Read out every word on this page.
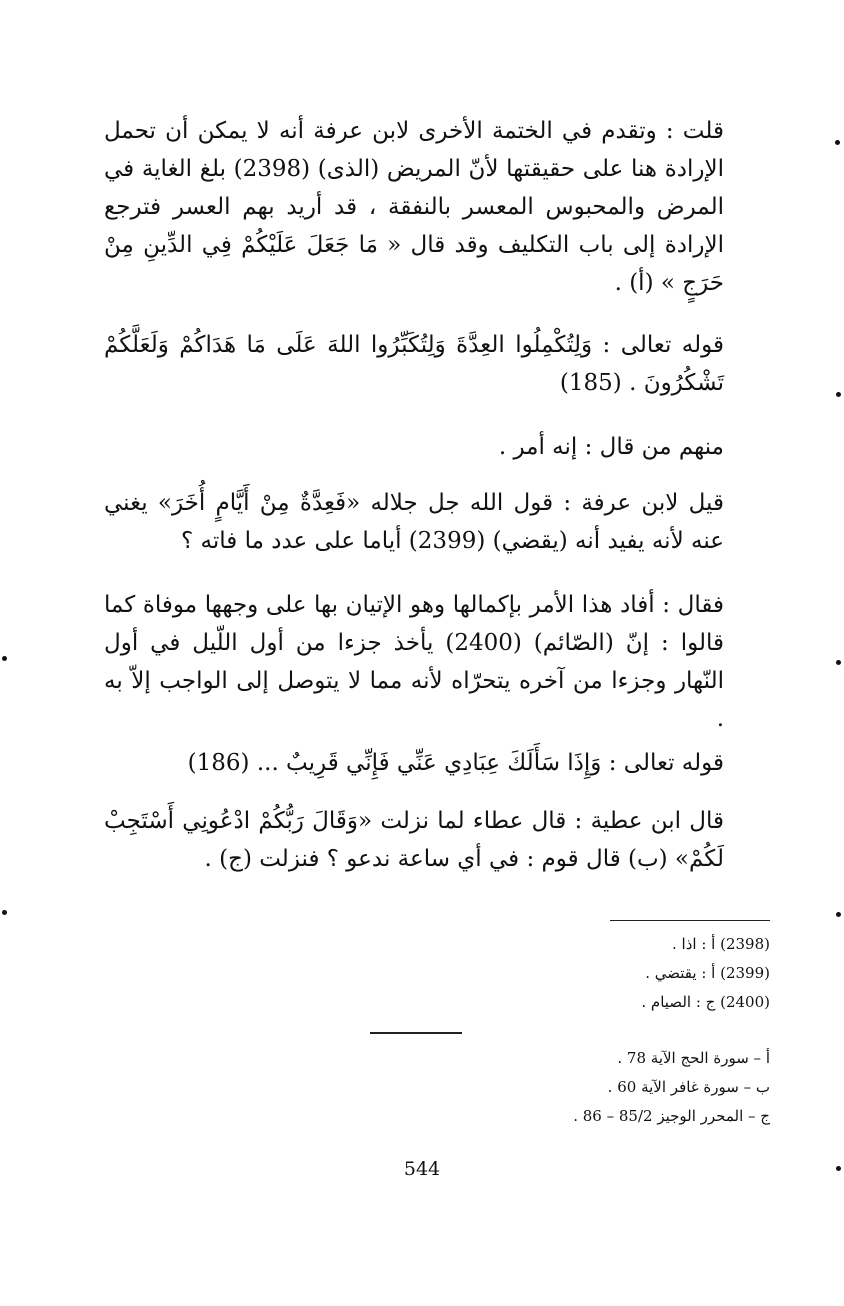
قلت : وتقدم في الختمة الأخرى لابن عرفة أنه لا يمكن أن تحمل الإرادة هنا على حقيقتها لأنّ المريض (الذى) (2398) بلغ الغاية في المرض والمحبوس المعسر بالنفقة ، قد أريد بهم العسر فترجع الإرادة إلى باب التكليف وقد قال « مَا جَعَلَ عَلَيْكُمْ فِي الدِّينِ مِنْ حَرَجٍ » (أ) .

قوله تعالى : وَلِتُكْمِلُوا العِدَّةَ وَلِتُكَبِّرُوا اللهَ عَلَى مَا هَدَاكُمْ وَلَعَلَّكُمْ تَشْكُرُونَ . (185)

منهم من قال : إنه أمر .

قيل لابن عرفة : قول الله جل جلاله «فَعِدَّةٌ مِنْ أَيَّامٍ أُخَرَ» يغني عنه لأنه يفيد أنه (يقضي) (2399) أياما على عدد ما فاته ؟

فقال : أفاد هذا الأمر بإكمالها وهو الإتيان بها على وجهها موفاة كما قالوا : إنّ (الصّائم) (2400) يأخذ جزءا من أول اللّيل في أول النّهار وجزءا من آخره يتحرّاه لأنه مما لا يتوصل إلى الواجب إلاّ به .

قوله تعالى : وَإِذَا سَأَلَكَ عِبَادِي عَنِّي فَإِنِّي قَرِيبٌ ... (186)

قال ابن عطية : قال عطاء لما نزلت «وَقَالَ رَبُّكُمْ ادْعُونِي أَسْتَجِبْ لَكُمْ» (ب) قال قوم : في أي ساعة ندعو ؟ فنزلت (ج) .

(2398) أ : اذا .
(2399) أ : يقتضي .
(2400) ج : الصيام .
أ – سورة الحج الآية 78 .
ب – سورة غافر الآية 60 .
ج – المحرر الوجيز 85/2 – 86 .
544
